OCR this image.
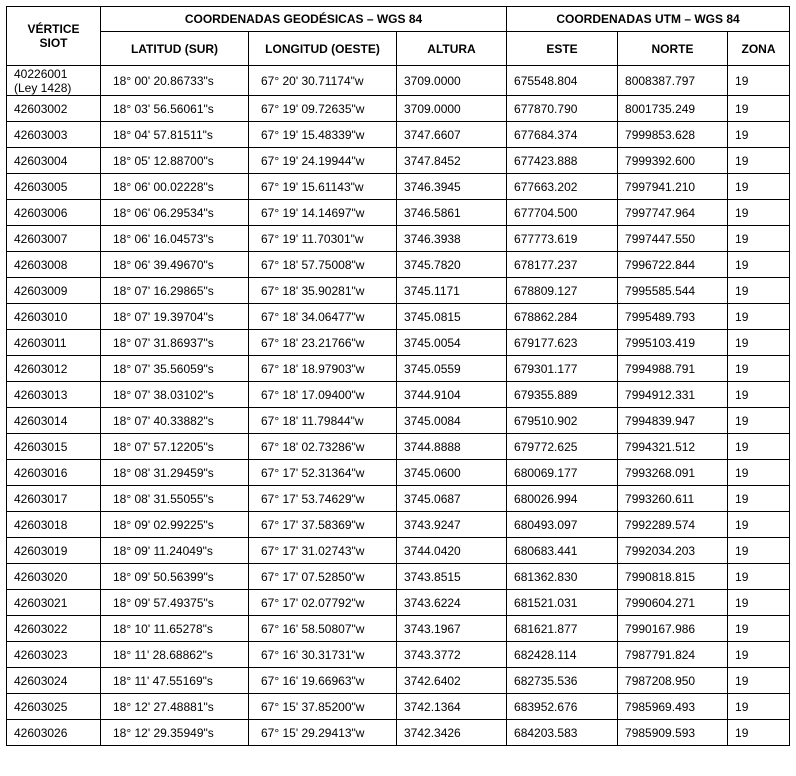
VÉRTICE SIOT	COORDENADAS GEODÉSICAS – WGS 84			COORDENADAS UTM – WGS 84		
	LATITUD (SUR)	LONGITUD (OESTE)	ALTURA	ESTE	NORTE	ZONA

40226001
(Ley 1428)	18° 00' 20.86733"s	67° 20' 30.71174"w	3709.0000	675548.804	8008387.797	19
42603002	18° 03' 56.56061"s	67° 19' 09.72635"w	3709.0000	677870.790	8001735.249	19
42603003	18° 04' 57.81511"s	67° 19' 15.48339"w	3747.6607	677684.374	7999853.628	19
42603004	18° 05' 12.88700"s	67° 19' 24.19944"w	3747.8452	677423.888	7999392.600	19
42603005	18° 06' 00.02228"s	67° 19' 15.61143"w	3746.3945	677663.202	7997941.210	19
42603006	18° 06' 06.29534"s	67° 19' 14.14697"w	3746.5861	677704.500	7997747.964	19
42603007	18° 06' 16.04573"s	67° 19' 11.70301"w	3746.3938	677773.619	7997447.550	19
42603008	18° 06' 39.49670"s	67° 18' 57.75008"w	3745.7820	678177.237	7996722.844	19
42603009	18° 07' 16.29865"s	67° 18' 35.90281"w	3745.1171	678809.127	7995585.544	19
42603010	18° 07' 19.39704"s	67° 18' 34.06477"w	3745.0815	678862.284	7995489.793	19
42603011	18° 07' 31.86937"s	67° 18' 23.21766"w	3745.0054	679177.623	7995103.419	19
42603012	18° 07' 35.56059"s	67° 18' 18.97903"w	3745.0559	679301.177	7994988.791	19
42603013	18° 07' 38.03102"s	67° 18' 17.09400"w	3744.9104	679355.889	7994912.331	19
42603014	18° 07' 40.33882"s	67° 18' 11.79844"w	3745.0084	679510.902	7994839.947	19
42603015	18° 07' 57.12205"s	67° 18' 02.73286"w	3744.8888	679772.625	7994321.512	19
42603016	18° 08' 31.29459"s	67° 17' 52.31364"w	3745.0600	680069.177	7993268.091	19
42603017	18° 08' 31.55055"s	67° 17' 53.74629"w	3745.0687	680026.994	7993260.611	19
42603018	18° 09' 02.99225"s	67° 17' 37.58369"w	3743.9247	680493.097	7992289.574	19
42603019	18° 09' 11.24049"s	67° 17' 31.02743"w	3744.0420	680683.441	7992034.203	19
42603020	18° 09' 50.56399"s	67° 17' 07.52850"w	3743.8515	681362.830	7990818.815	19
42603021	18° 09' 57.49375"s	67° 17' 02.07792"w	3743.6224	681521.031	7990604.271	19
42603022	18° 10' 11.65278"s	67° 16' 58.50807"w	3743.1967	681621.877	7990167.986	19
42603023	18° 11' 28.68862"s	67° 16' 30.31731"w	3743.3772	682428.114	7987791.824	19
42603024	18° 11' 47.55169"s	67° 16' 19.66963"w	3742.6402	682735.536	7987208.950	19
42603025	18° 12' 27.48881"s	67° 15' 37.85200"w	3742.1364	683952.676	7985969.493	19
42603026	18° 12' 29.35949"s	67° 15' 29.29413"w	3742.3426	684203.583	7985909.593	19
